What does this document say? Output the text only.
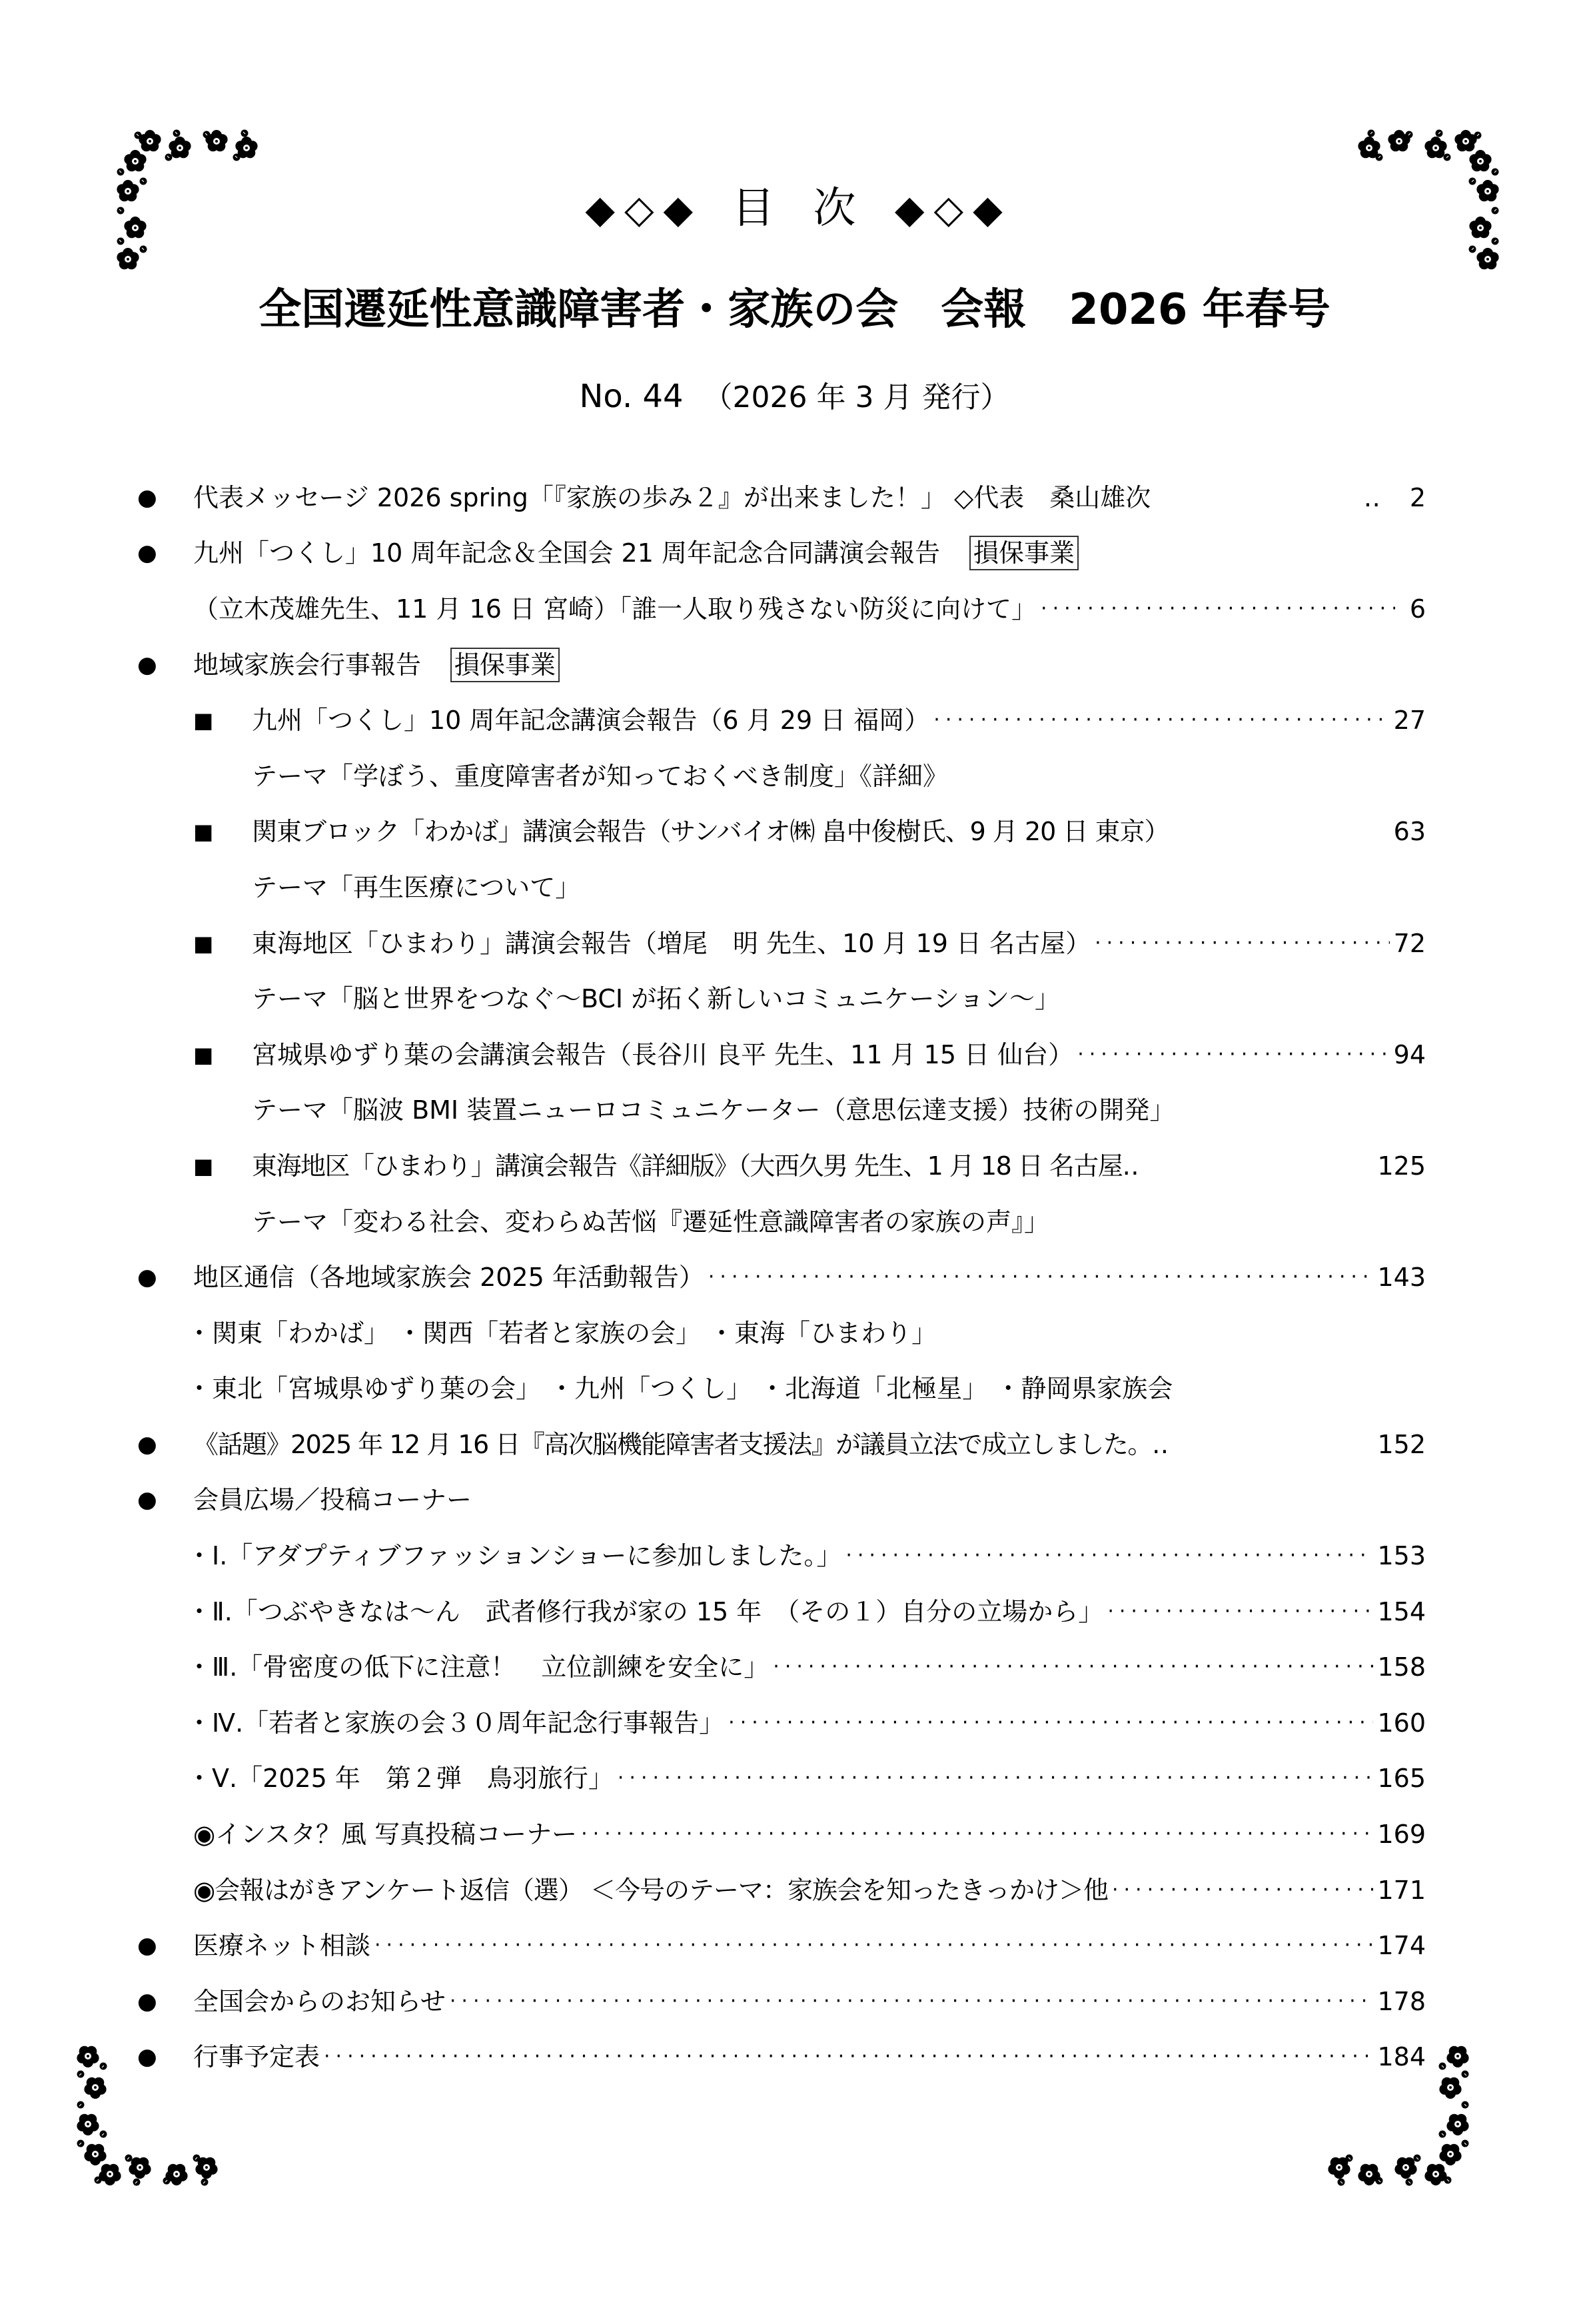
◆ ◇ ◆ 目 次 ◆ ◇ ◆
全国遷延性意識障害者・家族の会　会報　2026 年春号
No. 44 （2026 年 3 月 発行）
●	代表メッセージ 2026 spring「『家族の歩み２』が出来ました！」 ◇代表　桑山雄次	‥ 2
●	九州「つくし」10 周年記念＆全国会 21 周年記念合同講演会報告 損保事業
（立木茂雄先生、11 月 16 日 宮崎）「誰一人取り残さない防災に向けて」 ·····	6
●	地域家族会行事報告 損保事業
■	九州「つくし」10 周年記念講演会報告（6 月 29 日 福岡） ·····	27
テーマ「学ぼう、重度障害者が知っておくべき制度」《詳細》
■	関東ブロック「わかば」講演会報告（サンバイオ㈱ 畠中俊樹氏、9 月 20 日 東京）	63
テーマ「再生医療について」
■	東海地区「ひまわり」講演会報告（増尾　明 先生、10 月 19 日 名古屋） ·····	72
テーマ「脳と世界をつなぐ～BCI が拓く新しいコミュニケーション～」
■	宮城県ゆずり葉の会講演会報告（長谷川 良平 先生、11 月 15 日 仙台） ·····	94
テーマ「脳波 BMI 装置ニューロコミュニケーター（意思伝達支援）技術の開発」
■	東海地区「ひまわり」講演会報告《詳細版》（大西久男 先生、1 月 18 日 名古屋‥	125
テーマ「変わる社会、変わらぬ苦悩『遷延性意識障害者の家族の声』」
●	地区通信（各地域家族会 2025 年活動報告） ·····	143
・関東「わかば」 ・関西「若者と家族の会」 ・東海「ひまわり」
・東北「宮城県ゆずり葉の会」 ・九州「つくし」 ・北海道「北極星」 ・静岡県家族会
●	《話題》2025 年 12 月 16 日『高次脳機能障害者支援法』が議員立法で成立しました。‥	152
●	会員広場／投稿コーナー
・Ⅰ.「アダプティブファッションショーに参加しました。」 ·····	153
・Ⅱ.「つぶやきなは～ん　武者修行我が家の 15 年　（その１）自分の立場から」 ·····	154
・Ⅲ.「骨密度の低下に注意！　立位訓練を安全に」 ·····	158
・Ⅳ.「若者と家族の会３０周年記念行事報告」 ·····	160
・Ⅴ.「2025 年　第２弾　鳥羽旅行」 ·····	165
◉インスタ？風 写真投稿コーナー ·····	169
◉会報はがきアンケート返信（選） ＜今号のテーマ：家族会を知ったきっかけ＞他 ·····	171
●	医療ネット相談 ·····	174
●	全国会からのお知らせ ·····	178
●	行事予定表 ·····	184
